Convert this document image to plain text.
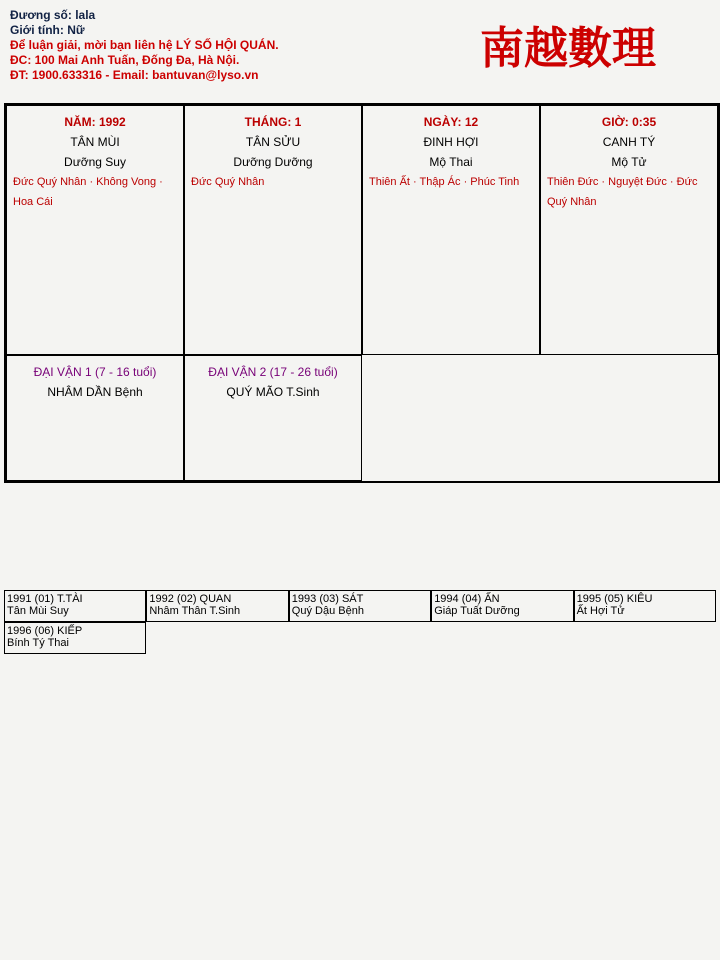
Đương số: lala
Giới tính: Nữ
Để luận giải, mời bạn liên hệ LÝ SỐ HỘI QUÁN.
ĐC: 100 Mai Anh Tuấn, Đống Đa, Hà Nội.
ĐT: 1900.633316 - Email: bantuvan@lyso.vn
南越數理
NĂM: 1992
TÂN MÙI
Dưỡng Suy
Đức Quý Nhân · Không Vong · Hoa Cái
THÁNG: 1
TÂN SỬU
Dưỡng Dưỡng
Đức Quý Nhân
NGÀY: 12
ĐINH HỢI
Mộ Thai
Thiên Ất · Thập Ác · Phúc Tinh
GIỜ: 0:35
CANH TÝ
Mộ Tử
Thiên Đức · Nguyệt Đức · Đức Quý Nhân
ĐẠI VẬN 1 (7 - 16 tuổi)
NHÂM DẦN Bệnh
ĐẠI VẬN 2 (17 - 26 tuổi)
QUÝ MÃO T.Sinh
1991 (01) T.TÀI
Tân Mùi Suy
1992 (02) QUAN
Nhâm Thân T.Sinh
1993 (03) SÁT
Quý Dậu Bệnh
1994 (04) ẤN
Giáp Tuất Dưỡng
1995 (05) KIÊU
Ất Hợi Tử
1996 (06) KIẾP
Bính Tý Thai
